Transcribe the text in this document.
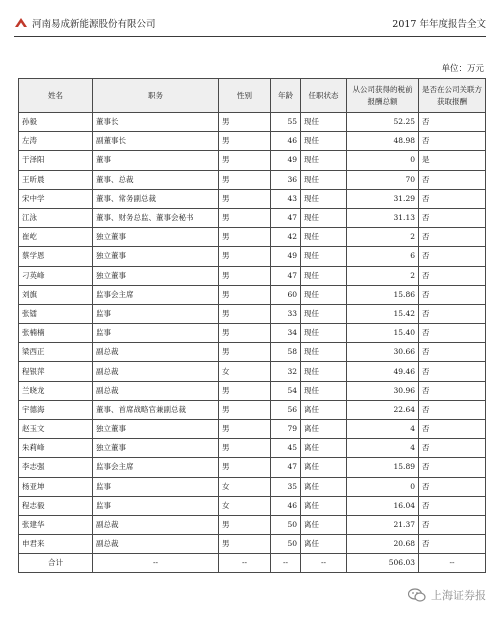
河南易成新能源股份有限公司	2017 年年度报告全文
单位：万元
姓名	职务	性别	年龄	任职状态	从公司获得的税前报酬总额	是否在公司关联方获取报酬
孙毅	董事长	男	55	现任	52.25	否
左涛	副董事长	男	46	现任	48.98	否
于泽阳	董事	男	49	现任	0	是
王昕晨	董事、总裁	男	36	现任	70	否
宋中学	董事、常务副总裁	男	43	现任	31.29	否
江泳	董事、财务总监、董事会秘书	男	47	现任	31.13	否
崔屹	独立董事	男	42	现任	2	否
蔡学恩	独立董事	男	49	现任	6	否
刁英峰	独立董事	男	47	现任	2	否
刘旗	监事会主席	男	60	现任	15.86	否
张镭	监事	男	33	现任	15.42	否
张楠楠	监事	男	34	现任	15.40	否
梁西正	副总裁	男	58	现任	30.66	否
程银萍	副总裁	女	32	现任	49.46	否
兰晓龙	副总裁	男	54	现任	30.96	否
宇德海	董事、首席战略官兼副总裁	男	56	离任	22.64	否
赵玉文	独立董事	男	79	离任	4	否
朱莉峰	独立董事	男	45	离任	4	否
李志强	监事会主席	男	47	离任	15.89	否
杨亚坤	监事	女	35	离任	0	否
程志毅	监事	女	46	离任	16.04	否
张建华	副总裁	男	50	离任	21.37	否
申君来	副总裁	男	50	离任	20.68	否
合计	--	--	--	--	506.03	--
上海证券报
